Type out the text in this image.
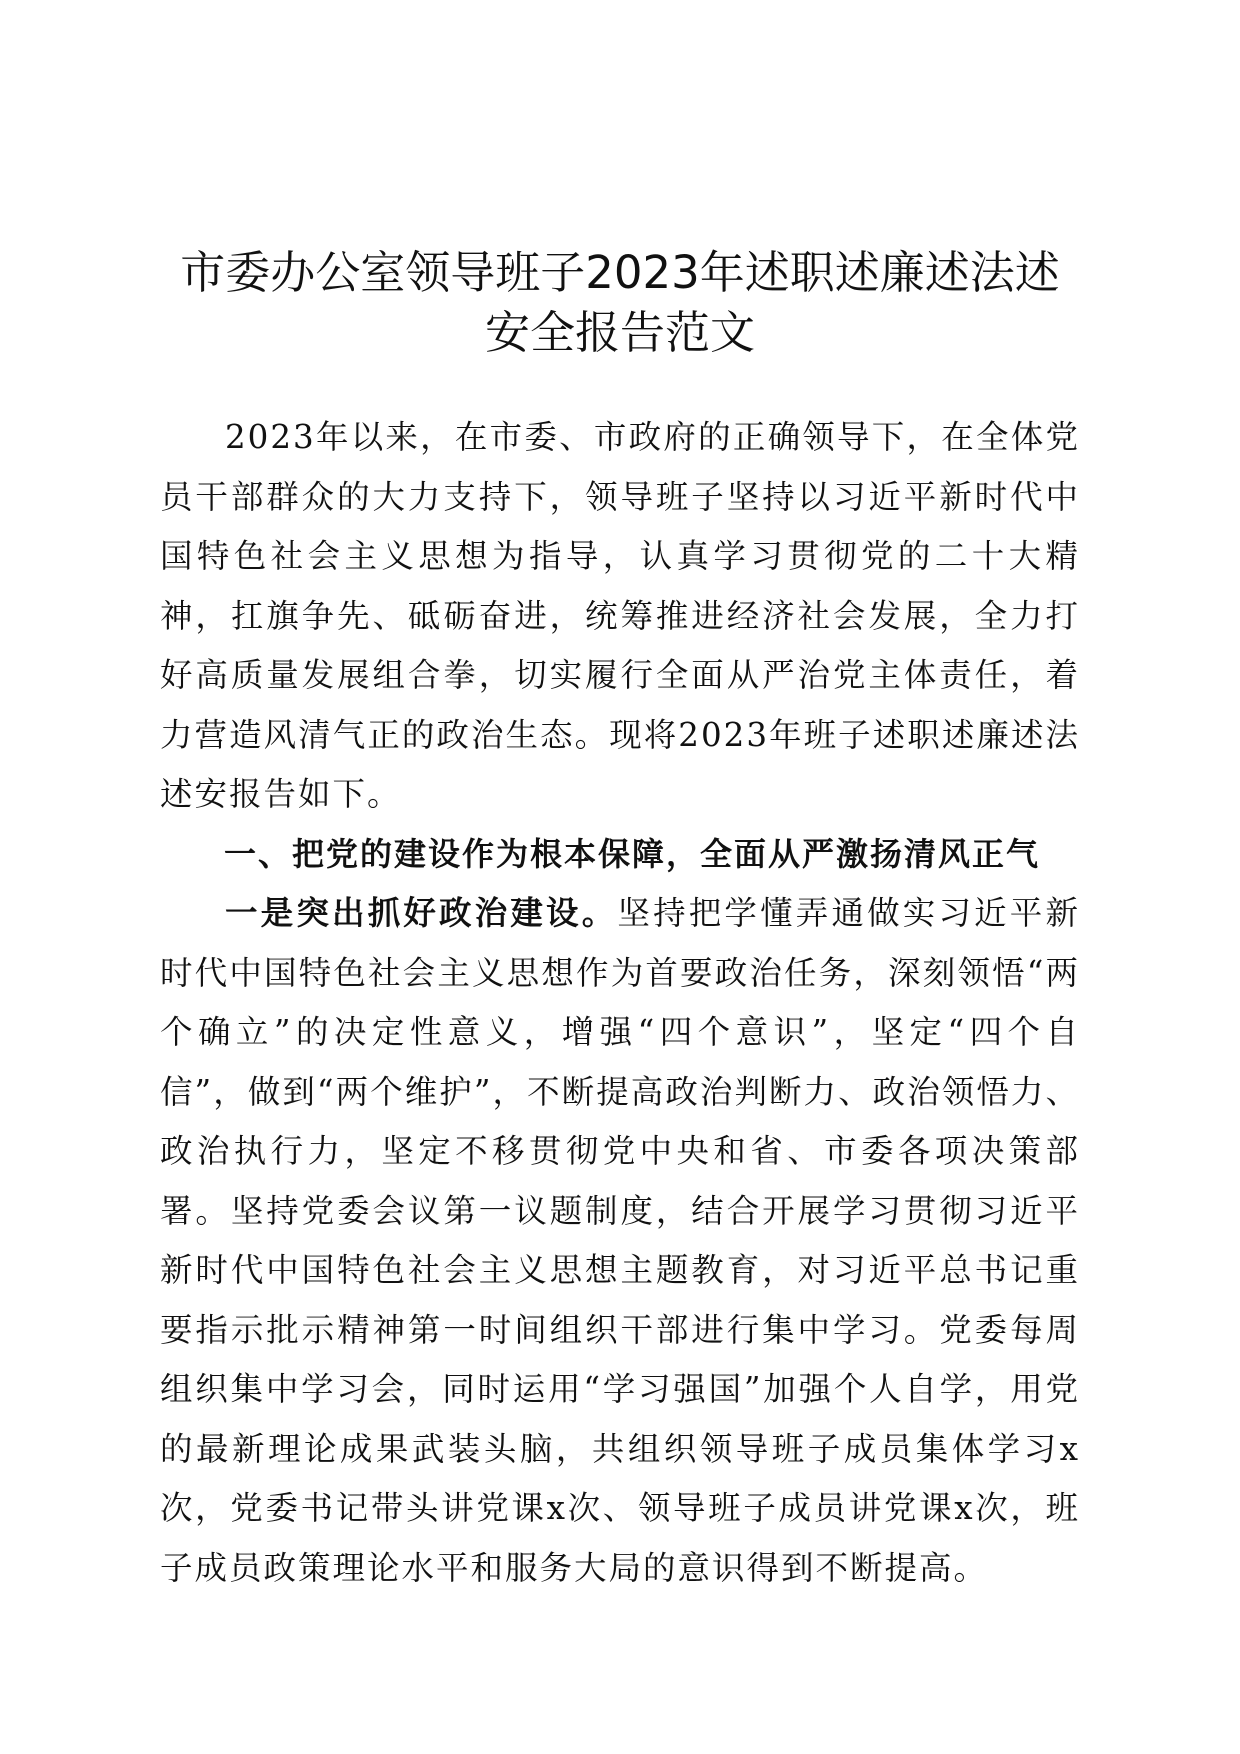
市委办公室领导班子2023年述职述廉述法述
安全报告范文

2023年以来，在市委、市政府的正确领导下，在全体党员干部群众的大力支持下，领导班子坚持以习近平新时代中国特色社会主义思想为指导，认真学习贯彻党的二十大精神，扛旗争先、砥砺奋进，统筹推进经济社会发展，全力打好高质量发展组合拳，切实履行全面从严治党主体责任，着力营造风清气正的政治生态。现将2023年班子述职述廉述法述安报告如下。

一、把党的建设作为根本保障，全面从严激扬清风正气

一是突出抓好政治建设。坚持把学懂弄通做实习近平新时代中国特色社会主义思想作为首要政治任务，深刻领悟“两个确立”的决定性意义，增强“四个意识”，坚定“四个自信”，做到“两个维护”，不断提高政治判断力、政治领悟力、政治执行力，坚定不移贯彻党中央和省、市委各项决策部署。坚持党委会议第一议题制度，结合开展学习贯彻习近平新时代中国特色社会主义思想主题教育，对习近平总书记重要指示批示精神第一时间组织干部进行集中学习。党委每周组织集中学习会，同时运用“学习强国”加强个人自学，用党的最新理论成果武装头脑，共组织领导班子成员集体学习x次，党委书记带头讲党课x次、领导班子成员讲党课x次，班子成员政策理论水平和服务大局的意识得到不断提高。
